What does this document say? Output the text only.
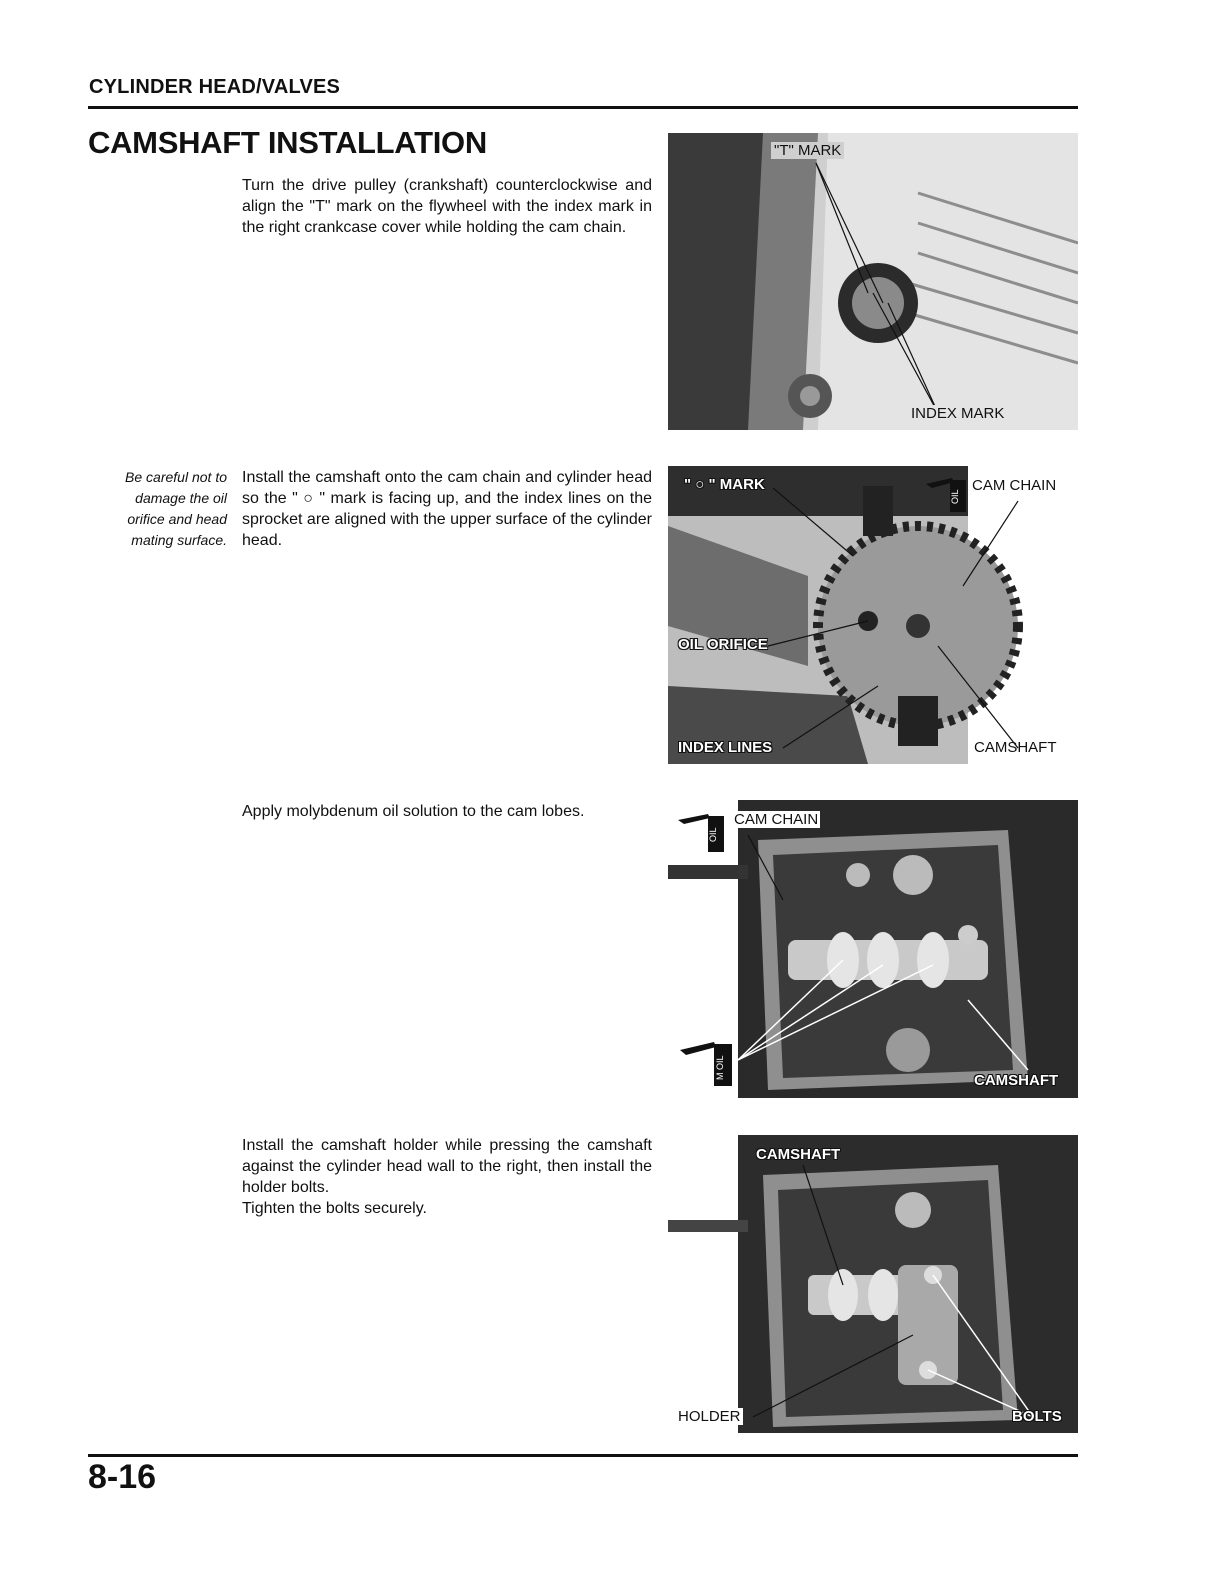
CYLINDER HEAD/VALVES
CAMSHAFT INSTALLATION

Turn the drive pulley (crankshaft) counterclockwise and align the "T" mark on the flywheel with the index mark in the right crankcase cover while holding the cam chain.

Be careful not to damage the oil orifice and head mating surface.

Install the camshaft onto the cam chain and cylinder head so the " ○ " mark is facing up, and the index lines on the sprocket are aligned with the upper surface of the cylinder head.

Apply molybdenum oil solution to the cam lobes.

Install the camshaft holder while pressing the camshaft against the cylinder head wall to the right, then install the holder bolts.

Tighten the bolts securely.

"T" MARK
INDEX MARK
" ○ " MARK
OIL
CAM CHAIN
OIL ORIFICE
INDEX LINES	CAMSHAFT
OIL
CAM CHAIN
M OIL
CAMSHAFT
CAMSHAFT
HOLDER	BOLTS
8-16
